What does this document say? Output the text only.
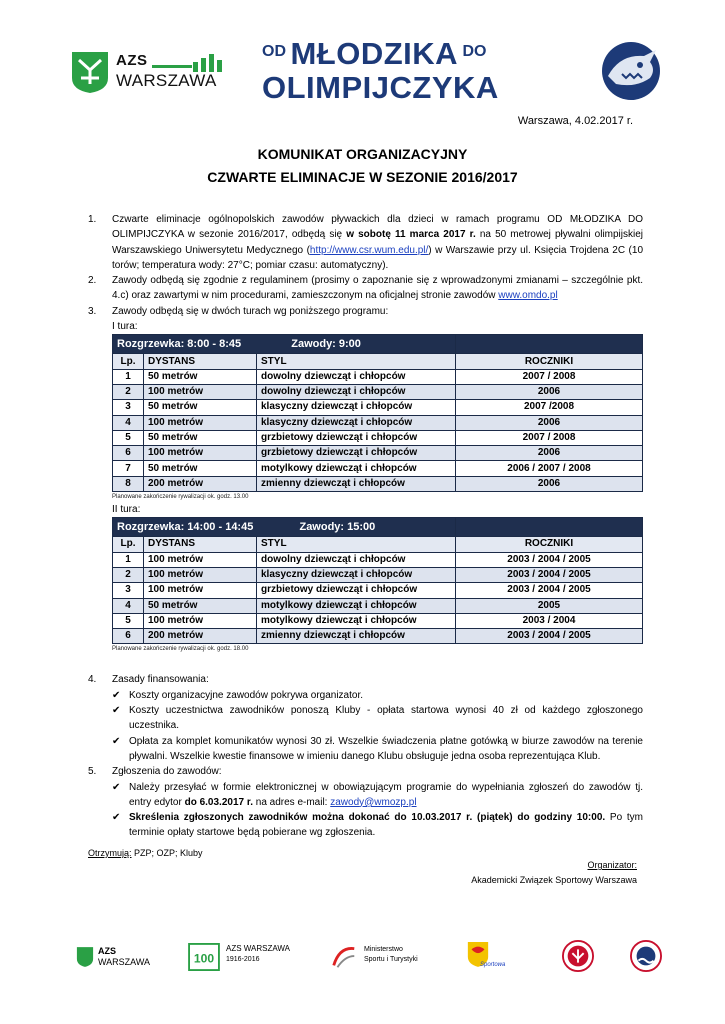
AZS
WARSZAWA
OD MŁODZIKA DO
OLIMPIJCZYKA
Warszawa, 4.02.2017 r.
KOMUNIKAT ORGANIZACYJNY
CZWARTE ELIMINACJE W SEZONIE 2016/2017
1. Czwarte eliminacje ogólnopolskich zawodów pływackich dla dzieci w ramach programu OD MŁODZIKA DO OLIMPIJCZYKA w sezonie 2016/2017, odbędą się w sobotę 11 marca 2017 r. na 50 metrowej pływalni olimpijskiej Warszawskiego Uniwersytetu Medycznego (http://www.csr.wum.edu.pl/) w Warszawie przy ul. Księcia Trojdena 2C (10 torów; temperatura wody: 27°C; pomiar czasu: automatyczny).
2. Zawody odbędą się zgodnie z regulaminem (prosimy o zapoznanie się z wprowadzonymi zmianami – szczególnie pkt. 4.c) oraz zawartymi w nim procedurami, zamieszczonym na oficjalnej stronie zawodów www.omdo.pl
3. Zawody odbędą się w dwóch turach wg poniższego programu:
I tura:
Rozgrzewka: 8:00 - 8:45 Zawody: 9:00			
Lp.	DYSTANS	STYL	ROCZNIKI
1	50 metrów	dowolny dziewcząt i chłopców	2007 / 2008
2	100 metrów	dowolny dziewcząt i chłopców	2006
3	50 metrów	klasyczny dziewcząt i chłopców	2007 /2008
4	100 metrów	klasyczny dziewcząt i chłopców	2006
5	50 metrów	grzbietowy dziewcząt i chłopców	2007 / 2008
6	100 metrów	grzbietowy dziewcząt i chłopców	2006
7	50 metrów	motylkowy dziewcząt i chłopców	2006 / 2007 / 2008
8	200 metrów	zmienny dziewcząt i chłopców	2006
Planowane zakończenie rywalizacji ok. godz. 13.00
II tura:
Rozgrzewka: 14:00 - 14:45 Zawody: 15:00			
Lp.	DYSTANS	STYL	ROCZNIKI
1	100 metrów	dowolny dziewcząt i chłopców	2003 / 2004 / 2005
2	100 metrów	klasyczny dziewcząt i chłopców	2003 / 2004 / 2005
3	100 metrów	grzbietowy dziewcząt i chłopców	2003 / 2004 / 2005
4	50 metrów	motylkowy dziewcząt i chłopców	2005
5	100 metrów	motylkowy dziewcząt i chłopców	2003 / 2004
6	200 metrów	zmienny dziewcząt i chłopców	2003 / 2004 / 2005
Planowane zakończenie rywalizacji ok. godz. 18.00
4. Zasady finansowania:
✔ Koszty organizacyjne zawodów pokrywa organizator.
✔ Koszty uczestnictwa zawodników ponoszą Kluby - opłata startowa wynosi 40 zł od każdego zgłoszonego uczestnika.
✔ Opłata za komplet komunikatów wynosi 30 zł. Wszelkie świadczenia płatne gotówką w biurze zawodów na terenie pływalni. Wszelkie kwestie finansowe w imieniu danego Klubu obsługuje jedna osoba reprezentująca Klub.
5. Zgłoszenia do zawodów:
✔ Należy przesyłać w formie elektronicznej w obowiązującym programie do wypełniania zgłoszeń do zawodów tj. entry edytor do 6.03.2017 r. na adres e-mail: zawody@wmozp.pl
✔ Skreślenia zgłoszonych zawodników można dokonać do 10.03.2017 r. (piątek) do godziny 10:00. Po tym terminie opłaty startowe będą pobierane wg zgłoszenia.
Otrzymują: PZP; OZP; Kluby
Organizator:
Akademicki Związek Sportowy Warszawa
AZS
WARSZAWA	100
AZS WARSZAWA
1916-2016
Ministerstwo
Sportu i Turystyki
Sportowa
